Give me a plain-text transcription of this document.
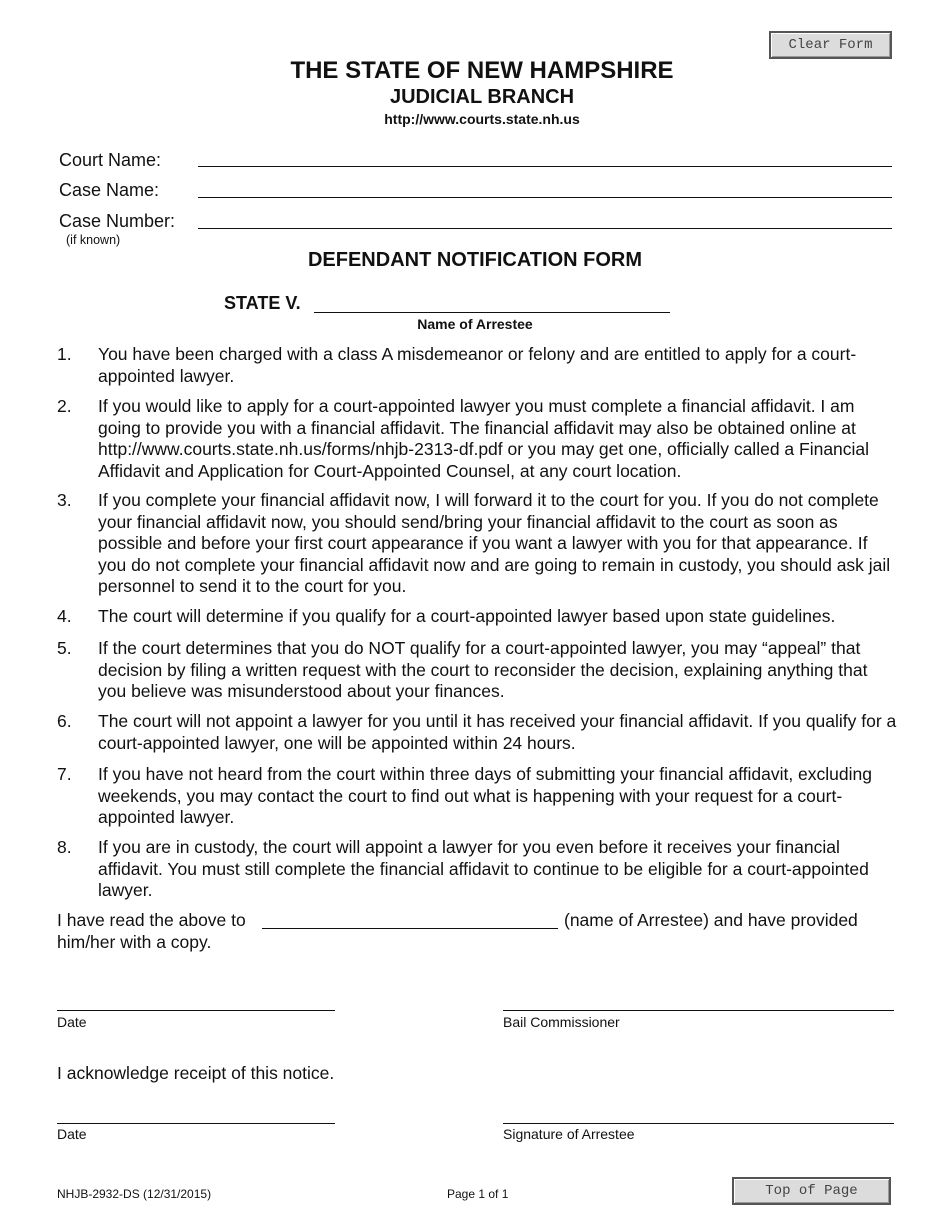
Clear Form
THE STATE OF NEW HAMPSHIRE
JUDICIAL BRANCH
http://www.courts.state.nh.us
Court Name:
Case Name:
Case Number:
(if known)
DEFENDANT NOTIFICATION FORM
STATE V.
Name of Arrestee
1. You have been charged with a class A misdemeanor or felony and are entitled to apply for a court-appointed lawyer.
2. If you would like to apply for a court-appointed lawyer you must complete a financial affidavit. I am going to provide you with a financial affidavit. The financial affidavit may also be obtained online at http://www.courts.state.nh.us/forms/nhjb-2313-df.pdf or you may get one, officially called a Financial Affidavit and Application for Court-Appointed Counsel, at any court location.
3. If you complete your financial affidavit now, I will forward it to the court for you. If you do not complete your financial affidavit now, you should send/bring your financial affidavit to the court as soon as possible and before your first court appearance if you want a lawyer with you for that appearance. If you do not complete your financial affidavit now and are going to remain in custody, you should ask jail personnel to send it to the court for you.
4. The court will determine if you qualify for a court-appointed lawyer based upon state guidelines.
5. If the court determines that you do NOT qualify for a court-appointed lawyer, you may “appeal” that decision by filing a written request with the court to reconsider the decision, explaining anything that you believe was misunderstood about your finances.
6. The court will not appoint a lawyer for you until it has received your financial affidavit. If you qualify for a court-appointed lawyer, one will be appointed within 24 hours.
7. If you have not heard from the court within three days of submitting your financial affidavit, excluding weekends, you may contact the court to find out what is happening with your request for a court-appointed lawyer.
8. If you are in custody, the court will appoint a lawyer for you even before it receives your financial affidavit. You must still complete the financial affidavit to continue to be eligible for a court-appointed lawyer.
I have read the above to	(name of Arrestee) and have provided
him/her with a copy.
Date	Bail Commissioner
I acknowledge receipt of this notice.
Date	Signature of Arrestee
NHJB-2932-DS (12/31/2015)	Page 1 of 1	Top of Page
